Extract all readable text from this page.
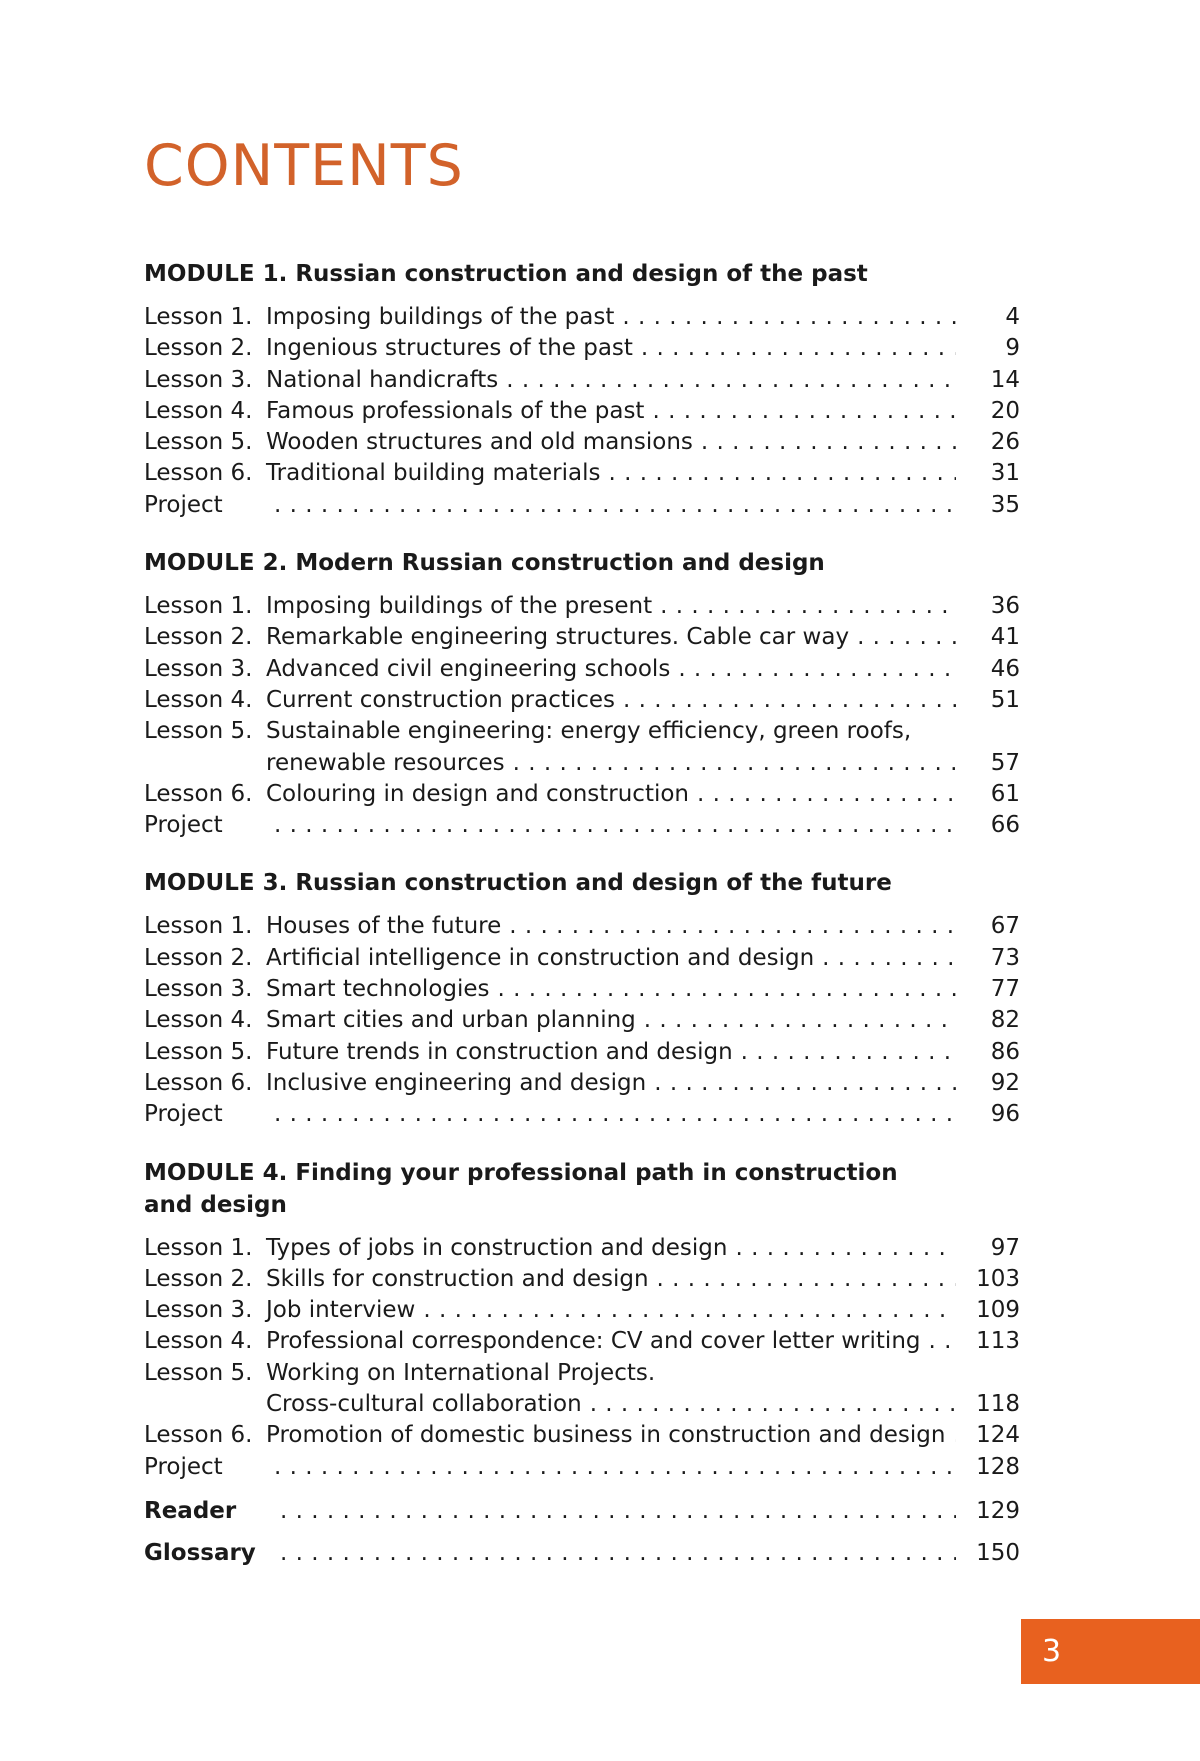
CONTENTS
MODULE 1. Russian construction and design of the past
Lesson 1. Imposing buildings of the past . . .	4
Lesson 2. Ingenious structures of the past . . .	9
Lesson 3. National handicrafts . . .	14
Lesson 4. Famous professionals of the past . . .	20
Lesson 5. Wooden structures and old mansions . . .	26
Lesson 6. Traditional building materials . . .	31
Project . . .	35
MODULE 2. Modern Russian construction and design
Lesson 1. Imposing buildings of the present . . .	36
Lesson 2. Remarkable engineering structures. Cable car way . . .	41
Lesson 3. Advanced civil engineering schools . . .	46
Lesson 4. Current construction practices . . .	51
Lesson 5. Sustainable engineering: energy efficiency, green roofs,
renewable resources . . .	57
Lesson 6. Colouring in design and construction . . .	61
Project . . .	66
MODULE 3. Russian construction and design of the future
Lesson 1. Houses of the future . . .	67
Lesson 2. Artificial intelligence in construction and design . . .	73
Lesson 3. Smart technologies . . .	77
Lesson 4. Smart cities and urban planning . . .	82
Lesson 5. Future trends in construction and design . . .	86
Lesson 6. Inclusive engineering and design . . .	92
Project . . .	96
MODULE 4. Finding your professional path in construction
and design
Lesson 1. Types of jobs in construction and design . . .	97
Lesson 2. Skills for construction and design . . .	103
Lesson 3. Job interview . . .	109
Lesson 4. Professional correspondence: CV and cover letter writing . . .	113
Lesson 5. Working on International Projects.
Cross-cultural collaboration . . .	118
Lesson 6. Promotion of domestic business in construction and design . . .	124
Project . . .	128
Reader . . .	129
Glossary . . .	150
3
